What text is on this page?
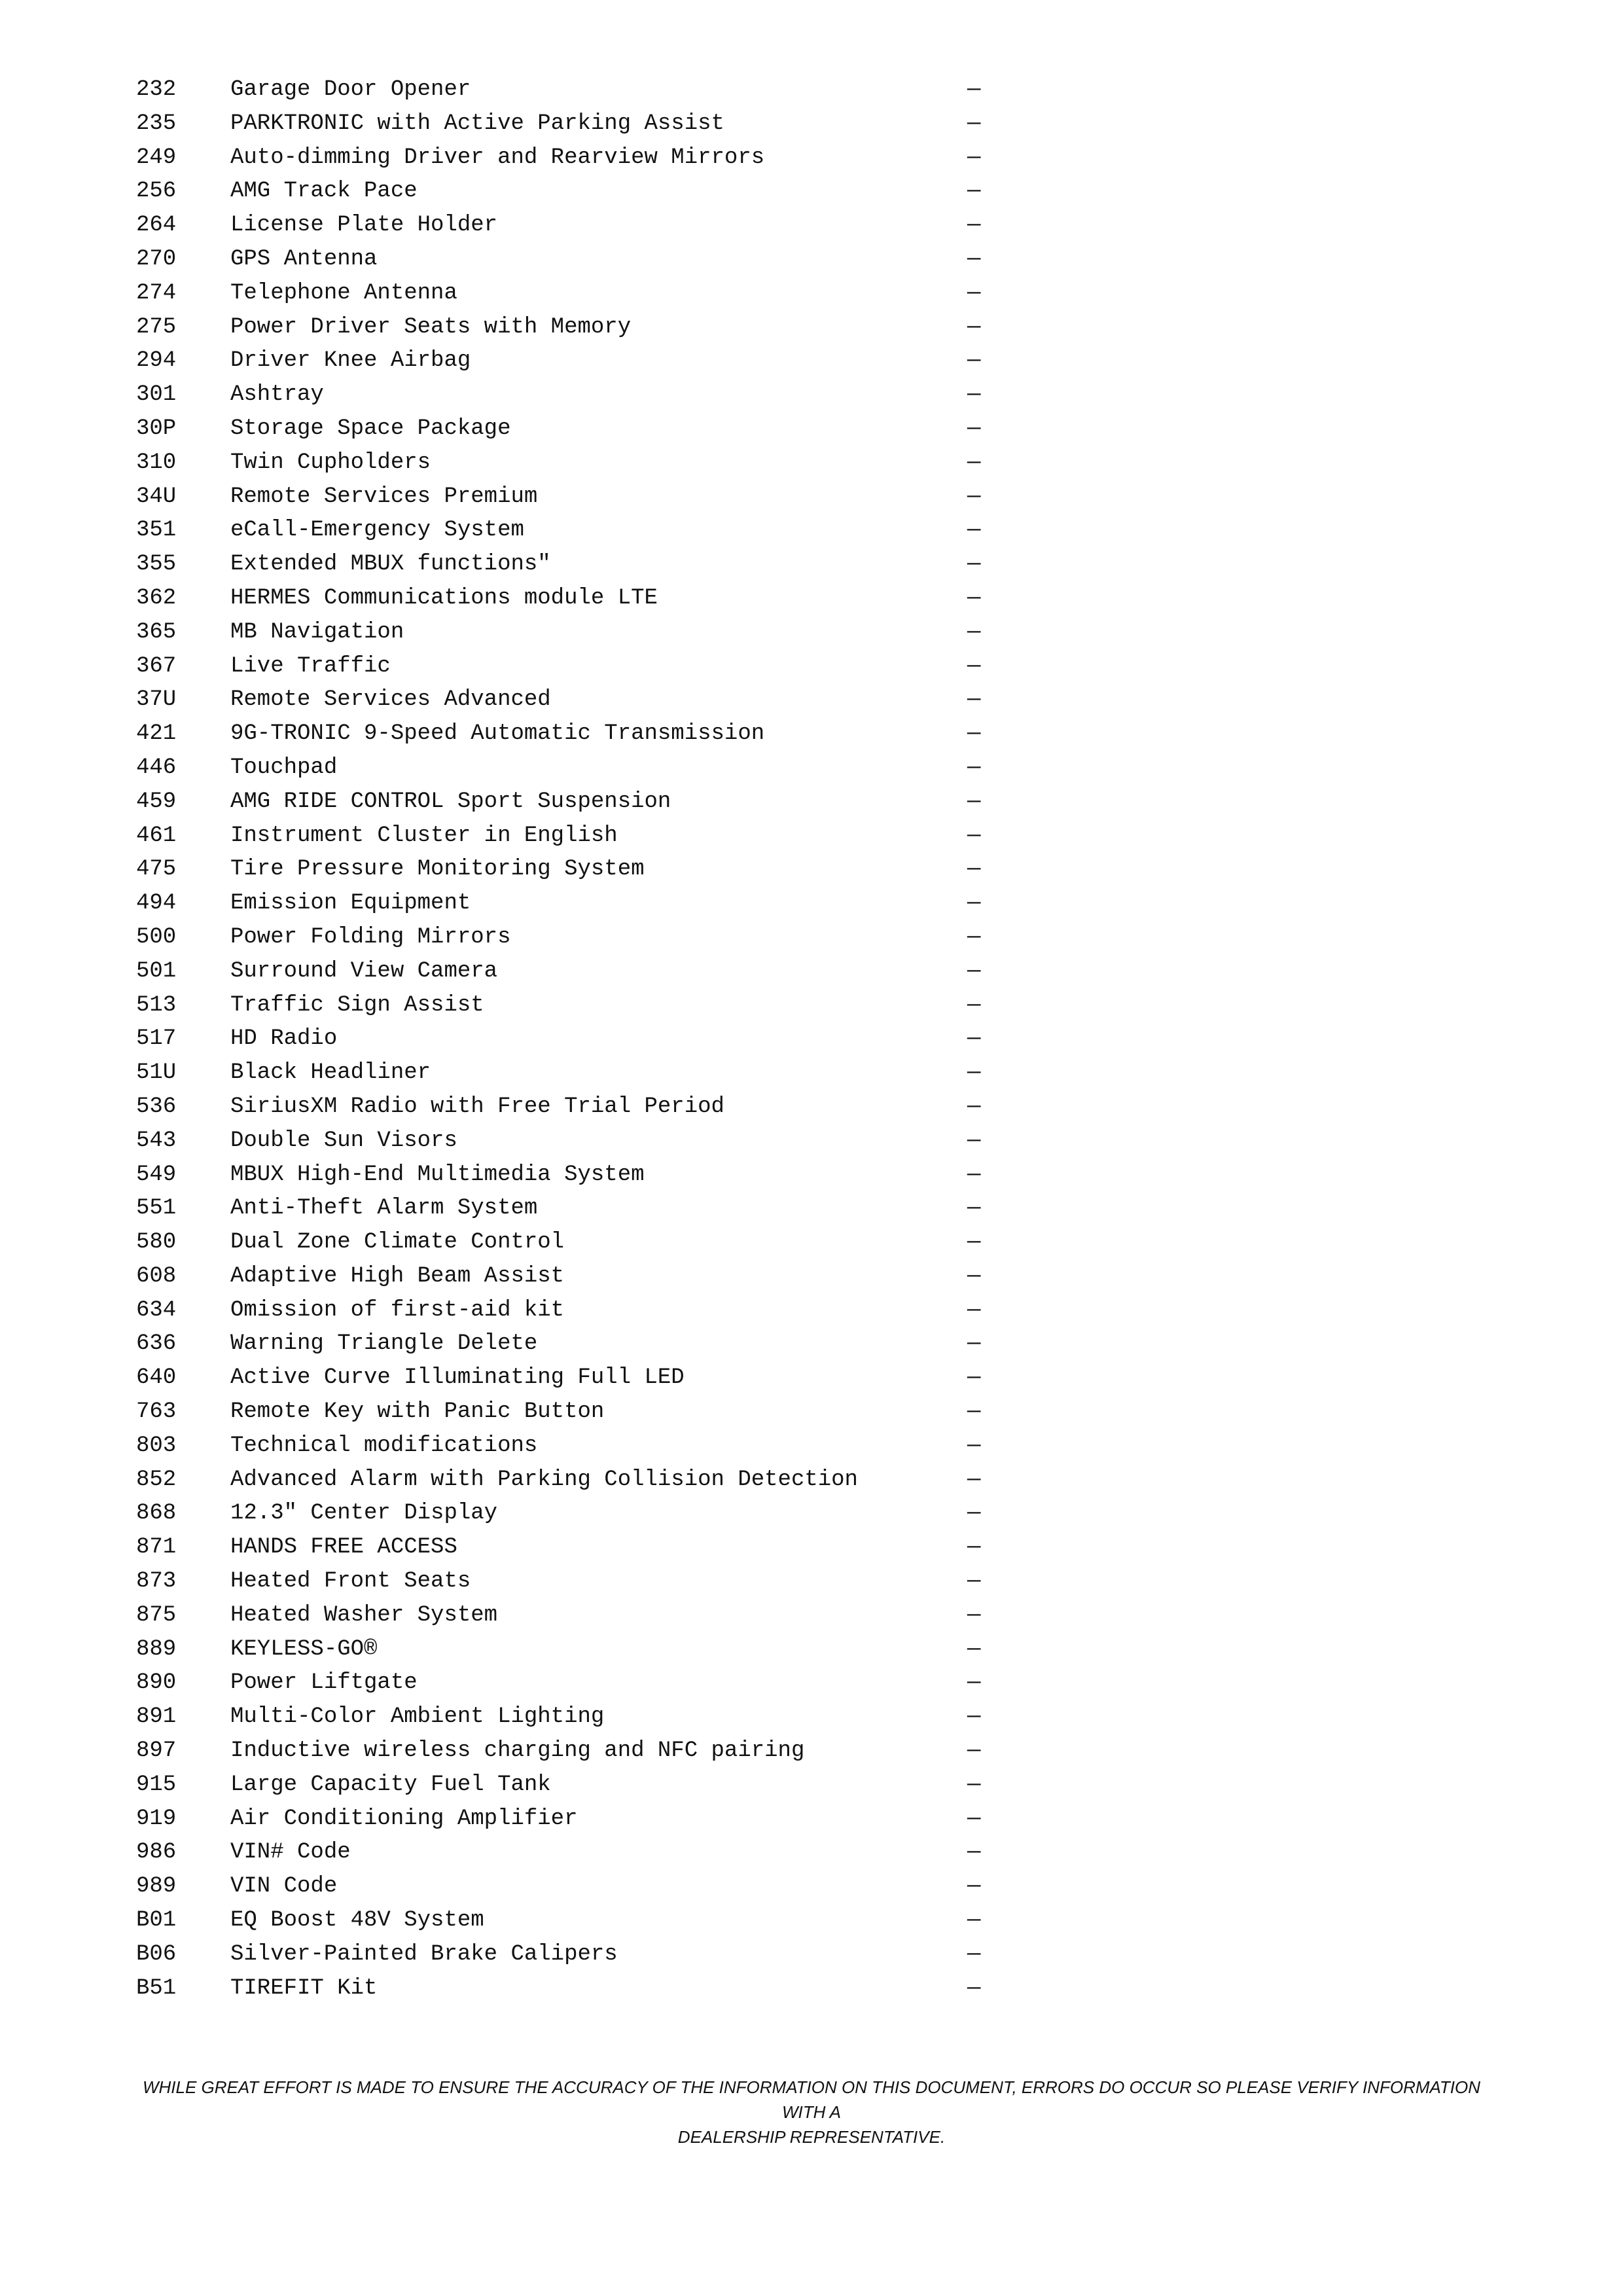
232 Garage Door Opener	—
235 PARKTRONIC with Active Parking Assist	—
249 Auto-dimming Driver and Rearview Mirrors	—
256 AMG Track Pace	—
264 License Plate Holder	—
270 GPS Antenna	—
274 Telephone Antenna	—
275 Power Driver Seats with Memory	—
294 Driver Knee Airbag	—
301 Ashtray	—
30P Storage Space Package	—
310 Twin Cupholders	—
34U Remote Services Premium	—
351 eCall-Emergency System	—
355 Extended MBUX functions"	—
362 HERMES Communications module LTE	—
365 MB Navigation	—
367 Live Traffic	—
37U Remote Services Advanced	—
421 9G-TRONIC 9-Speed Automatic Transmission	—
446 Touchpad	—
459 AMG RIDE CONTROL Sport Suspension	—
461 Instrument Cluster in English	—
475 Tire Pressure Monitoring System	—
494 Emission Equipment	—
500 Power Folding Mirrors	—
501 Surround View Camera	—
513 Traffic Sign Assist	—
517 HD Radio	—
51U Black Headliner	—
536 SiriusXM Radio with Free Trial Period	—
543 Double Sun Visors	—
549 MBUX High-End Multimedia System	—
551 Anti-Theft Alarm System	—
580 Dual Zone Climate Control	—
608 Adaptive High Beam Assist	—
634 Omission of first-aid kit	—
636 Warning Triangle Delete	—
640 Active Curve Illuminating Full LED	—
763 Remote Key with Panic Button	—
803 Technical modifications	—
852 Advanced Alarm with Parking Collision Detection	—
868 12.3" Center Display	—
871 HANDS FREE ACCESS	—
873 Heated Front Seats	—
875 Heated Washer System	—
889 KEYLESS-GO®	—
890 Power Liftgate	—
891 Multi-Color Ambient Lighting	—
897 Inductive wireless charging and NFC pairing	—
915 Large Capacity Fuel Tank	—
919 Air Conditioning Amplifier	—
986 VIN# Code	—
989 VIN Code	—
B01 EQ Boost 48V System	—
B06 Silver-Painted Brake Calipers	—
B51 TIREFIT Kit	—
WHILE GREAT EFFORT IS MADE TO ENSURE THE ACCURACY OF THE INFORMATION ON THIS DOCUMENT, ERRORS DO OCCUR SO PLEASE VERIFY INFORMATION WITH A
DEALERSHIP REPRESENTATIVE.
